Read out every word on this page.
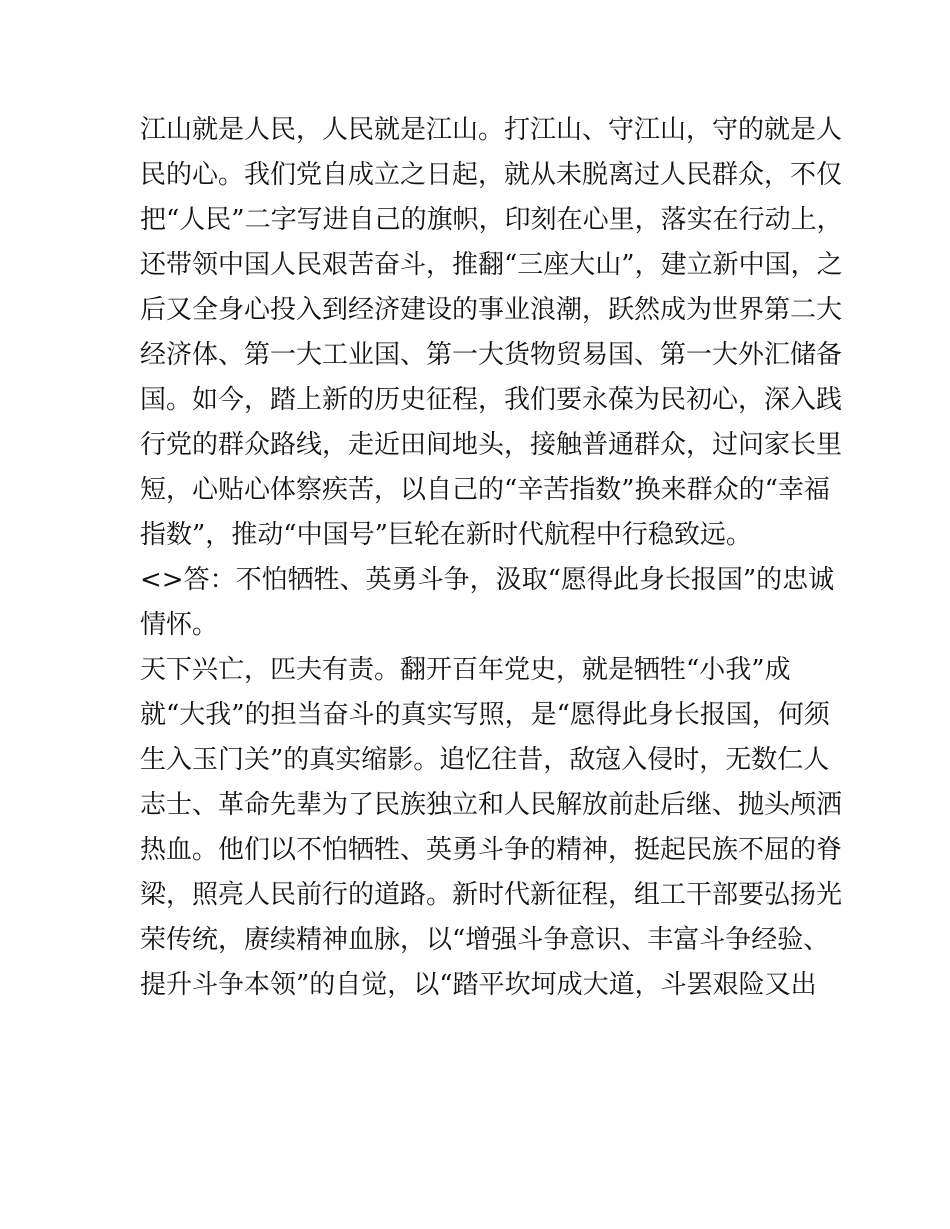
江山就是人民，人民就是江山。打江山、守江山，守的就是人
民的心。我们党自成立之日起，就从未脱离过人民群众，不仅
把“人民”二字写进自己的旗帜，印刻在心里，落实在行动上，
还带领中国人民艰苦奋斗，推翻“三座大山”，建立新中国，之
后又全身心投入到经济建设的事业浪潮，跃然成为世界第二大
经济体、第一大工业国、第一大货物贸易国、第一大外汇储备
国。如今，踏上新的历史征程，我们要永葆为民初心，深入践
行党的群众路线，走近田间地头，接触普通群众，过问家长里
短，心贴心体察疾苦，以自己的“辛苦指数”换来群众的“幸福
指数”，推动“中国号”巨轮在新时代航程中行稳致远。
<>答：不怕牺牲、英勇斗争，汲取“愿得此身长报国”的忠诚
情怀。
天下兴亡，匹夫有责。翻开百年党史，就是牺牲“小我”成
就“大我”的担当奋斗的真实写照，是“愿得此身长报国，何须
生入玉门关”的真实缩影。追忆往昔，敌寇入侵时，无数仁人
志士、革命先辈为了民族独立和人民解放前赴后继、抛头颅洒
热血。他们以不怕牺牲、英勇斗争的精神，挺起民族不屈的脊
梁，照亮人民前行的道路。新时代新征程，组工干部要弘扬光
荣传统，赓续精神血脉，以“增强斗争意识、丰富斗争经验、
提升斗争本领”的自觉，以“踏平坎坷成大道，斗罢艰险又出
